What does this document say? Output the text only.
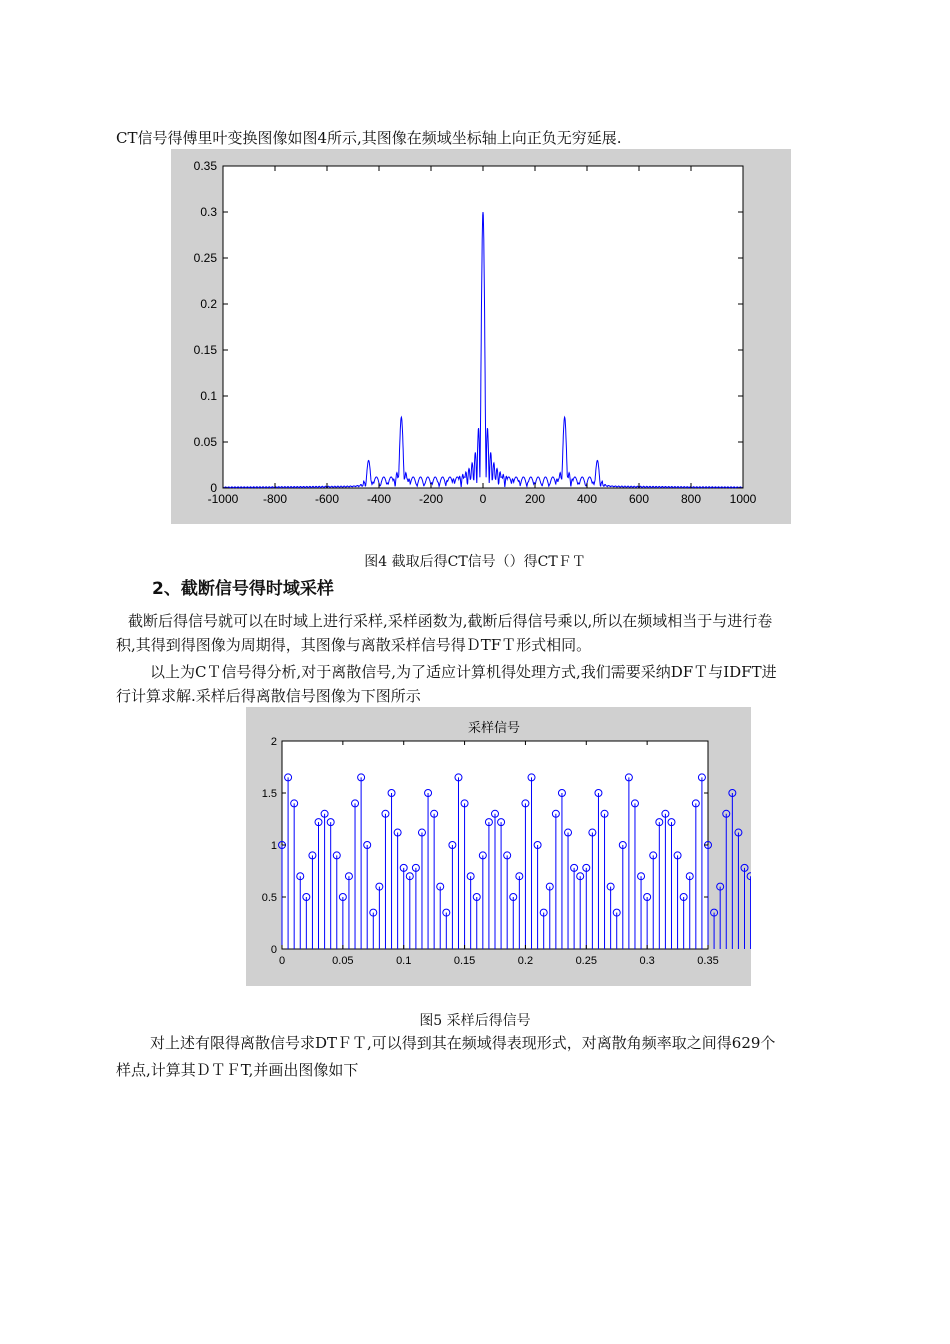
CT信号得傅里叶变换图像如图4所示,其图像在频域坐标轴上向正负无穷延展.
-1000 -800 -600 -400 -200	0	200	400	600	800 1000
0
0.05
0.1
0.15
0.2
0.25
0.3
0.35
图4 截取后得CT信号（）得CTＦＴ
2、截断信号得时域采样
截断后得信号就可以在时域上进行采样,采样函数为,截断后得信号乘以,所以在频域相当于与进行卷
积,其得到得图像为周期得，其图像与离散采样信号得ＤTFＴ形式相同。
以上为CＴ信号得分析,对于离散信号,为了适应计算机得处理方式,我们需要采纳DFＴ与IDFT进
行计算求解.采样后得离散信号图像为下图所示
采样信号
0	0.05	0.1	0.15	0.2	0.25	0.3	0.35
0
0.5
1
1.5
2
图5 采样后得信号
对上述有限得离散信号求DTＦＴ,可以得到其在频域得表现形式，对离散角频率取之间得629个
样点,计算其ＤＴＦT,并画出图像如下
